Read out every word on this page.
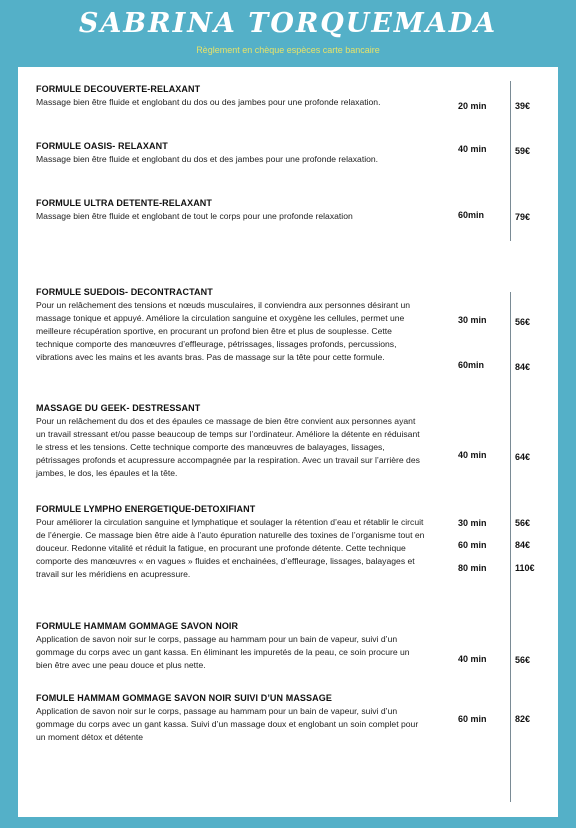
SABRINA TORQUEMADA
Règlement en chèque espèces carte bancaire
FORMULE DECOUVERTE-RELAXANT

Massage bien être fluide et englobant du dos ou des jambes pour une profonde relaxation.	20 min	39€
FORMULE OASIS- RELAXANT

Massage bien être fluide et englobant du dos et des jambes pour une profonde relaxation.

40 min	59€
FORMULE ULTRA DETENTE-RELAXANT

Massage bien être fluide et englobant de tout le corps pour une profonde relaxation	60min	79€
FORMULE SUEDOIS- DECONTRACTANT

Pour un relâchement des tensions et nœuds musculaires, il conviendra aux personnes désirant un massage tonique et appuyé. Améliore la circulation sanguine et oxygène les cellules, permet une meilleure récupération sportive, en procurant un profond bien être et plus de souplesse. Cette technique comporte des manœuvres d’effleurage, pétrissages, lissages profonds, percussions, vibrations avec les mains et les avants bras. Pas de massage sur la tête pour cette formule.

30 min	56€
60min	84€
MASSAGE DU GEEK- DESTRESSANT

Pour un relâchement du dos et des épaules ce massage de bien être convient aux personnes ayant un travail stressant et/ou passe beaucoup de temps sur l’ordinateur. Améliore la détente en réduisant le stress et les tensions. Cette technique comporte des manœuvres de balayages, lissages, pétrissages profonds et acupressure accompagnée par la respiration. Avec un travail sur l’arrière des jambes, le dos, les épaules et la tête.

40 min	64€
FORMULE LYMPHO ENERGETIQUE-DETOXIFIANT

Pour améliorer la circulation sanguine et lymphatique et soulager la rétention d’eau et rétablir le circuit de l’énergie. Ce massage bien être aide à l’auto épuration naturelle des toxines de l’organisme tout en douceur. Redonne vitalité et réduit la fatigue, en procurant une profonde détente. Cette technique comporte des manœuvres « en vagues » fluides et enchainées, d’effleurage, lissages, balayages et travail sur les méridiens en acupressure.

30 min	56€
60 min	84€
80 min	110€
FORMULE HAMMAM GOMMAGE SAVON NOIR

Application de savon noir sur le corps, passage au hammam pour un bain de vapeur, suivi d’un gommage du corps avec un gant kassa. En éliminant les impuretés de la peau, ce soin procure un bien être avec une peau douce et plus nette.

40 min	56€
FOMULE HAMMAM GOMMAGE SAVON NOIR SUIVI D’UN MASSAGE

Application de savon noir sur le corps, passage au hammam pour un bain de vapeur, suivi d’un gommage du corps avec un gant kassa. Suivi d’un massage doux et englobant un soin complet pour un moment détox et détente

60 min	82€
